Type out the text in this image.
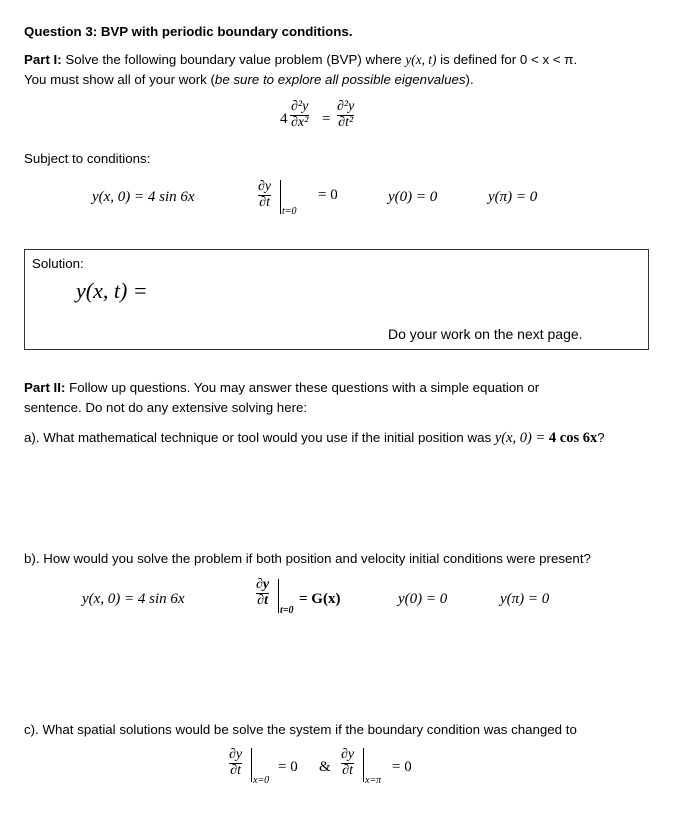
Question 3: BVP with periodic boundary conditions.
Part I: Solve the following boundary value problem (BVP) where y(x, t) is defined for 0 < x < π.
You must show all of your work (be sure to explore all possible eigenvalues).
$4 \frac{\text{∂²y}}{\text{∂x²}} = \frac{\text{∂²y}}{\text{∂t²}}$
Subject to conditions:
y(x, 0) = 4 sin 6x	$\frac{\partial y}{\partial t}$
t=0
= 0	y(0) = 0	y(π) = 0
Solution:
y(x, t) =
Do your work on the next page.
Part II: Follow up questions. You may answer these questions with a simple equation or
sentence. Do not do any extensive solving here:
a). What mathematical technique or tool would you use if the initial position was y(x, 0) = 4 cos 6x?
b). How would you solve the problem if both position and velocity initial conditions were present?
y(x, 0) = 4 sin 6x	$\frac{\partial y}{\partial t}$
t=0
= G(x)	y(0) = 0	y(π) = 0
c). What spatial solutions would be solve the system if the boundary condition was changed to
$\frac{\partial y}{\partial t}$
x=0
= 0 & $\frac{\partial y}{\partial t}$
x=π
= 0
